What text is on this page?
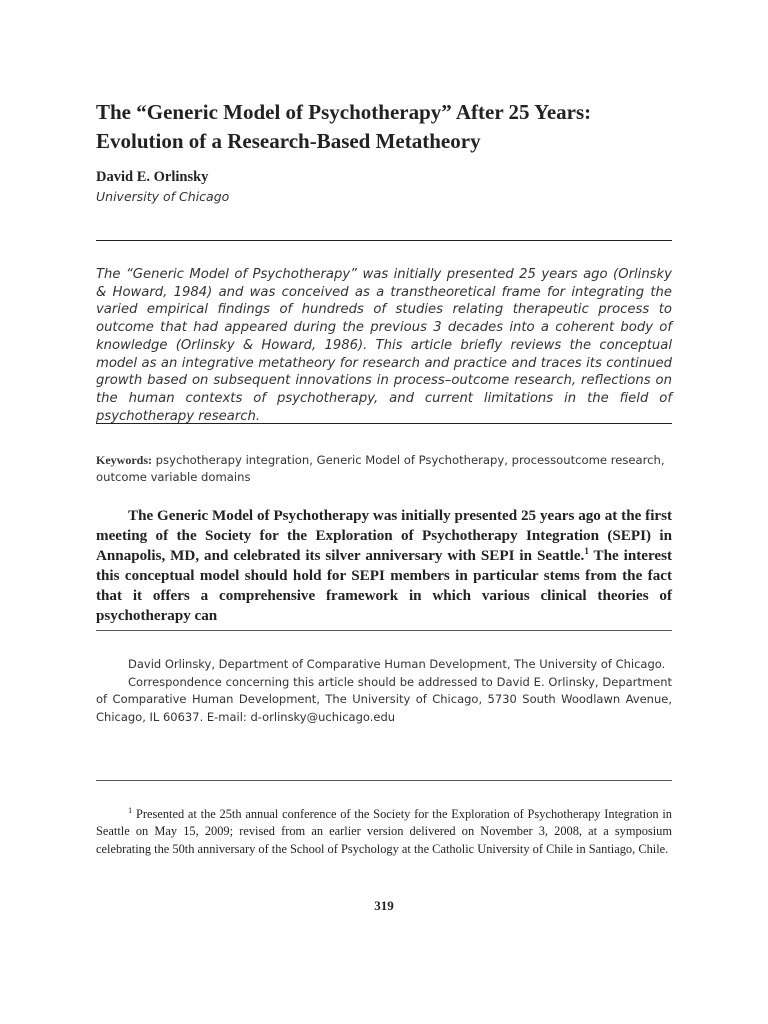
The “Generic Model of Psychotherapy” After 25 Years: Evolution of a Research-Based Metatheory
David E. Orlinsky
University of Chicago

The “Generic Model of Psychotherapy” was initially presented 25 years ago (Orlinsky & Howard, 1984) and was conceived as a transtheoretical frame for integrating the varied empirical findings of hundreds of studies relating therapeutic process to outcome that had appeared during the previous 3 decades into a coherent body of knowledge (Orlinsky & Howard, 1986). This article briefly reviews the conceptual model as an integrative metatheory for research and practice and traces its continued growth based on subsequent innovations in process–outcome research, reflections on the human contexts of psychotherapy, and current limitations in the field of psychotherapy research.

Keywords: psychotherapy integration, Generic Model of Psychotherapy, processoutcome research, outcome variable domains

The Generic Model of Psychotherapy was initially presented 25 years ago at the first meeting of the Society for the Exploration of Psychotherapy Integration (SEPI) in Annapolis, MD, and celebrated its silver anniversary with SEPI in Seattle.$^1$ The interest this conceptual model should hold for SEPI members in particular stems from the fact that it offers a comprehensive framework in which various clinical theories of psychotherapy can

David Orlinsky, Department of Comparative Human Development, The University of Chicago.

Correspondence concerning this article should be addressed to David E. Orlinsky, Department of Comparative Human Development, The University of Chicago, 5730 South Woodlawn Avenue, Chicago, IL 60637. E-mail: d-orlinsky@uchicago.edu

$^1$ Presented at the 25th annual conference of the Society for the Exploration of Psychotherapy Integration in Seattle on May 15, 2009; revised from an earlier version delivered on November 3, 2008, at a symposium celebrating the 50th anniversary of the School of Psychology at the Catholic University of Chile in Santiago, Chile.

319
